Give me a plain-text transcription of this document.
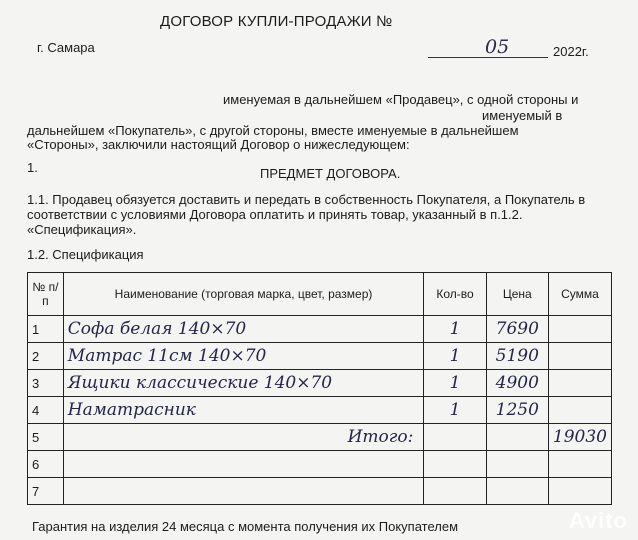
ДОГОВОР КУПЛИ-ПРОДАЖИ №
г. Самара	05	2022г.
именуемая в дальнейшем «Продавец», с одной стороны и
именуемый в
дальнейшем «Покупатель», с другой стороны, вместе именуемые в дальнейшем
«Стороны», заключили настоящий Договор о нижеследующем:
1.	ПРЕДМЕТ ДОГОВОРА.
1.1. Продавец обязуется доставить и передать в собственность Покупателя, а Покупатель в
соответствии с условиями Договора оплатить и принять товар, указанный в п.1.2.
«Спецификация».
1.2. Спецификация
№ п/п	Наименование (торговая марка, цвет, размер)	Кол-во	Цена	Сумма
1	Софа белая 140×70	1	7690	
2	Матрас 11см 140×70	1	5190	
3	Ящики классические 140×70	1	4900	
4	Наматрасник	1	1250	
5	Итого:			19030
6				
7				
Гарантия на изделия 24 месяца с момента получения их Покупателем	Avito
